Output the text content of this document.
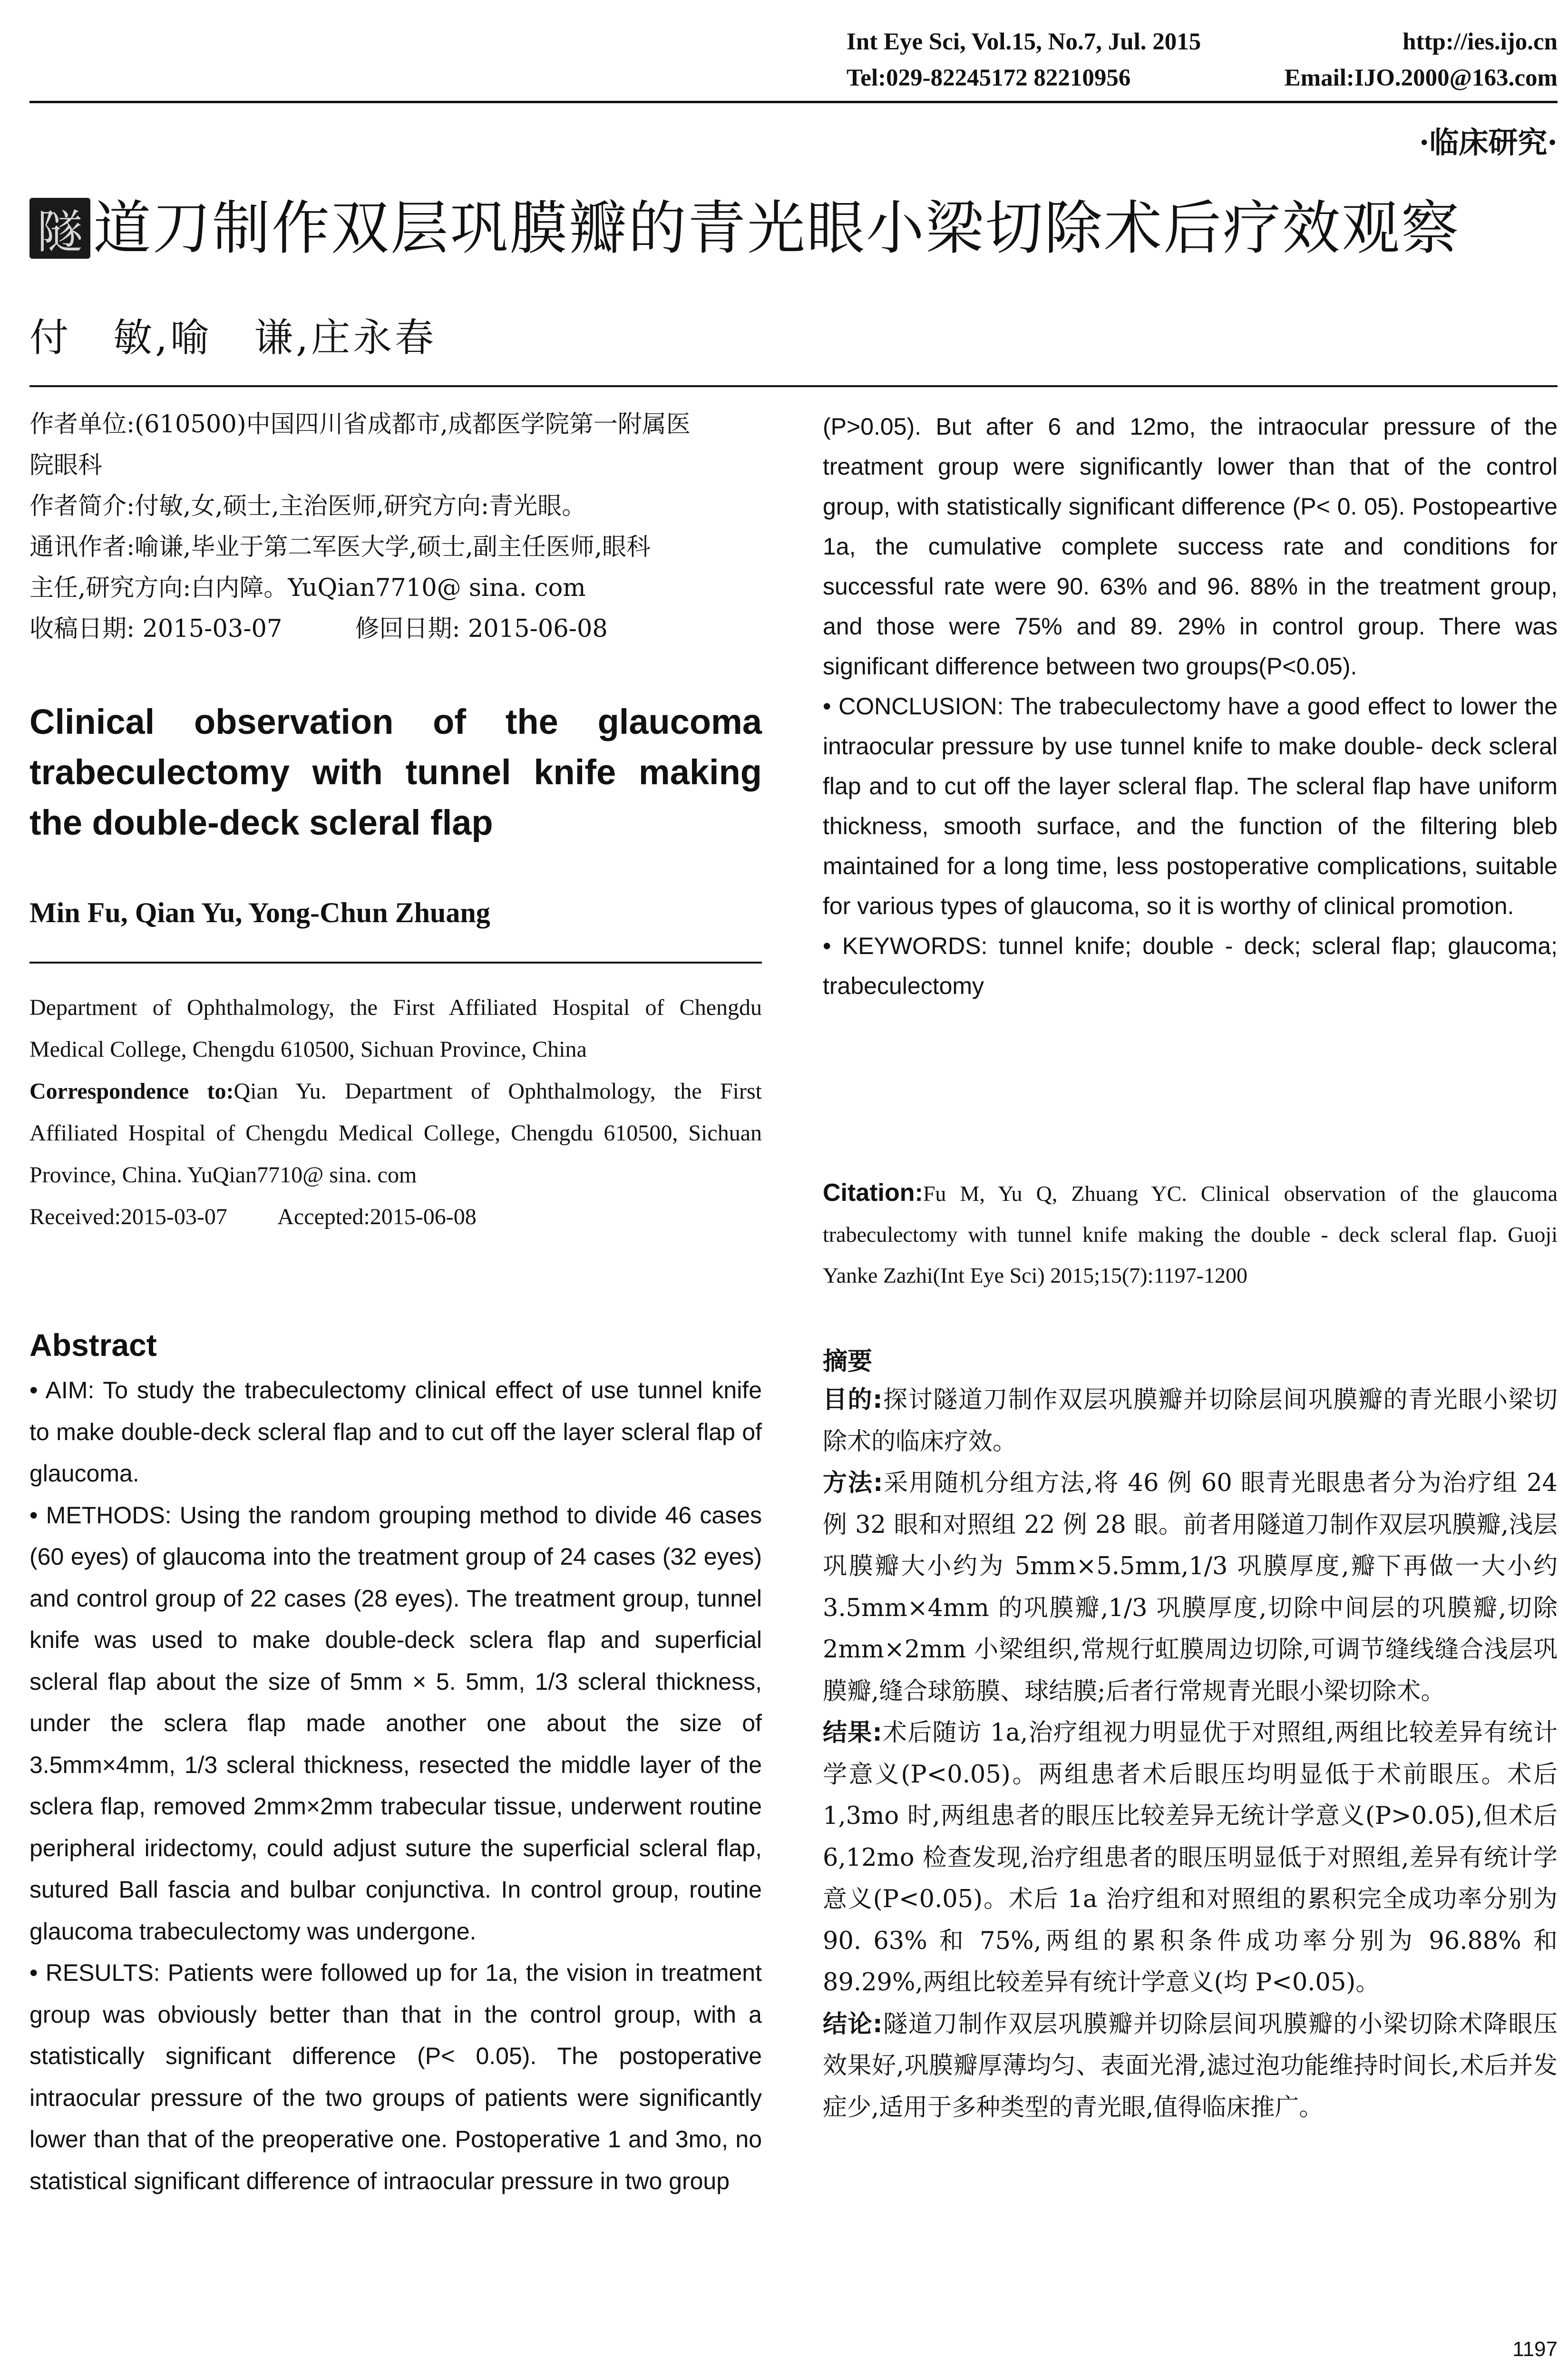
Int Eye Sci, Vol.15, No.7, Jul. 2015	http://ies.ijo.cn
Tel:029-82245172 82210956	Email:IJO.2000@163.com
·临床研究·
隧 道刀制作双层巩膜瓣的青光眼小梁切除术后疗效观察
付　敏,喻　谦,庄永春
作者单位:(610500)中国四川省成都市,成都医学院第一附属医
院眼科
作者简介:付敏,女,硕士,主治医师,研究方向:青光眼。
通讯作者:喻谦,毕业于第二军医大学,硕士,副主任医师,眼科
主任,研究方向:白内障。YuQian7710@ sina. com
收稿日期: 2015-03-07　　　修回日期: 2015-06-08
Clinical observation of the glaucoma trabeculectomy with tunnel knife making the double-deck scleral flap
Min Fu, Qian Yu, Yong-Chun Zhuang

Department of Ophthalmology, the First Affiliated Hospital of Chengdu Medical College, Chengdu 610500, Sichuan Province, China

Correspondence to:Qian Yu. Department of Ophthalmology, the First Affiliated Hospital of Chengdu Medical College, Chengdu 610500, Sichuan Province, China. YuQian7710@ sina. com

Received:2015-03-07　　 Accepted:2015-06-08

Abstract

• AIM: To study the trabeculectomy clinical effect of use tunnel knife to make double-deck scleral flap and to cut off the layer scleral flap of glaucoma.

• METHODS: Using the random grouping method to divide 46 cases (60 eyes) of glaucoma into the treatment group of 24 cases (32 eyes) and control group of 22 cases (28 eyes). The treatment group, tunnel knife was used to make double-deck sclera flap and superficial scleral flap about the size of 5mm × 5. 5mm, 1/3 scleral thickness, under the sclera flap made another one about the size of 3.5mm×4mm, 1/3 scleral thickness, resected the middle layer of the sclera flap, removed 2mm×2mm trabecular tissue, underwent routine peripheral iridectomy, could adjust suture the superficial scleral flap, sutured Ball fascia and bulbar conjunctiva. In control group, routine glaucoma trabeculectomy was undergone.

• RESULTS: Patients were followed up for 1a, the vision in treatment group was obviously better than that in the control group, with a statistically significant difference (P< 0.05). The postoperative intraocular pressure of the two groups of patients were significantly lower than that of the preoperative one. Postoperative 1 and 3mo, no statistical significant difference of intraocular pressure in two group

(P>0.05). But after 6 and 12mo, the intraocular pressure of the treatment group were significantly lower than that of the control group, with statistically significant difference (P< 0. 05). Postopeartive 1a, the cumulative complete success rate and conditions for successful rate were 90. 63% and 96. 88% in the treatment group, and those were 75% and 89. 29% in control group. There was significant difference between two groups(P<0.05).

• CONCLUSION: The trabeculectomy have a good effect to lower the intraocular pressure by use tunnel knife to make double- deck scleral flap and to cut off the layer scleral flap. The scleral flap have uniform thickness, smooth surface, and the function of the filtering bleb maintained for a long time, less postoperative complications, suitable for various types of glaucoma, so it is worthy of clinical promotion.

• KEYWORDS: tunnel knife; double - deck; scleral flap; glaucoma; trabeculectomy

Citation:Fu M, Yu Q, Zhuang YC. Clinical observation of the glaucoma trabeculectomy with tunnel knife making the double - deck scleral flap. Guoji Yanke Zazhi(Int Eye Sci) 2015;15(7):1197-1200
摘要

目的:探讨隧道刀制作双层巩膜瓣并切除层间巩膜瓣的青光眼小梁切除术的临床疗效。

方法:采用随机分组方法,将 46 例 60 眼青光眼患者分为治疗组 24 例 32 眼和对照组 22 例 28 眼。前者用隧道刀制作双层巩膜瓣,浅层巩膜瓣大小约为 5mm×5.5mm,1/3 巩膜厚度,瓣下再做一大小约 3.5mm×4mm 的巩膜瓣,1/3 巩膜厚度,切除中间层的巩膜瓣,切除 2mm×2mm 小梁组织,常规行虹膜周边切除,可调节缝线缝合浅层巩膜瓣,缝合球筋膜、球结膜;后者行常规青光眼小梁切除术。

结果:术后随访 1a,治疗组视力明显优于对照组,两组比较差异有统计学意义(P<0.05)。两组患者术后眼压均明显低于术前眼压。术后 1,3mo 时,两组患者的眼压比较差异无统计学意义(P>0.05),但术后 6,12mo 检查发现,治疗组患者的眼压明显低于对照组,差异有统计学意义(P<0.05)。术后 1a 治疗组和对照组的累积完全成功率分别为 90. 63% 和 75%,两组的累积条件成功率分别为 96.88% 和 89.29%,两组比较差异有统计学意义(均 P<0.05)。

结论:隧道刀制作双层巩膜瓣并切除层间巩膜瓣的小梁切除术降眼压效果好,巩膜瓣厚薄均匀、表面光滑,滤过泡功能维持时间长,术后并发症少,适用于多种类型的青光眼,值得临床推广。

1197
